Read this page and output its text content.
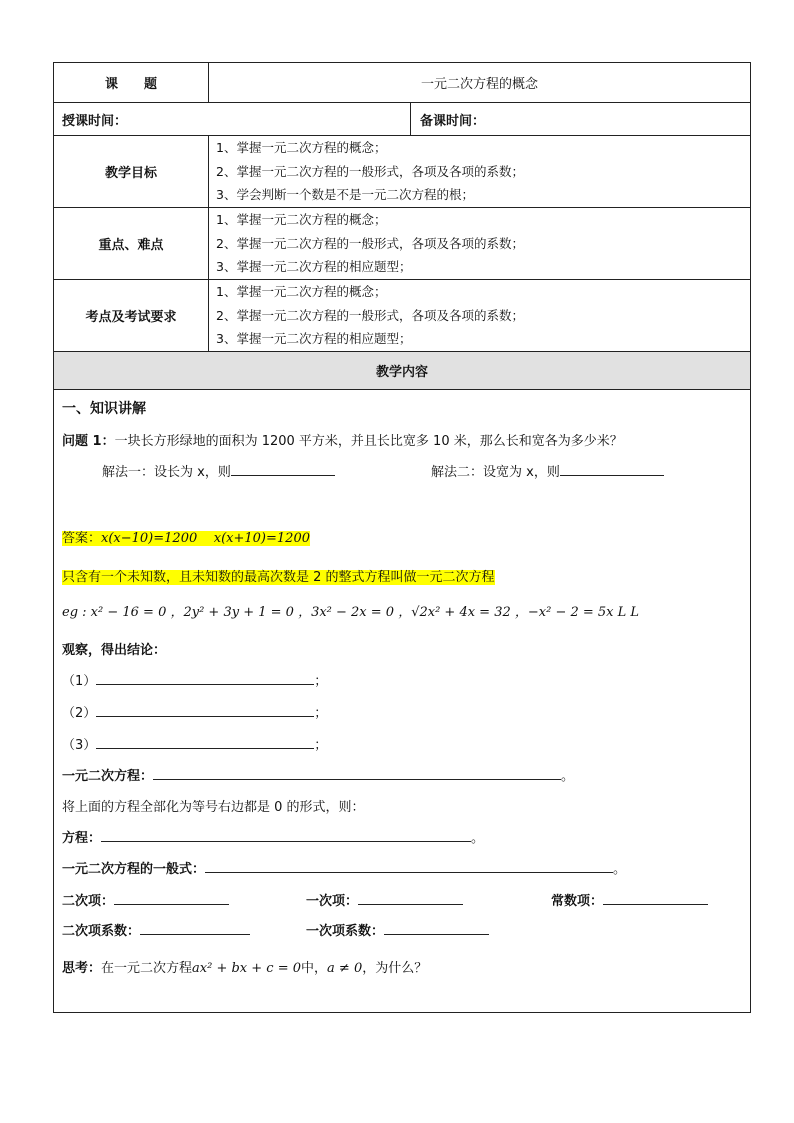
课　　题	一元二次方程的概念
授课时间：	备课时间：
教学目标
1、掌握一元二次方程的概念；
2、掌握一元二次方程的一般形式，各项及各项的系数；
3、学会判断一个数是不是一元二次方程的根；
重点、难点
1、掌握一元二次方程的概念；
2、掌握一元二次方程的一般形式，各项及各项的系数；
3、掌握一元二次方程的相应题型；
考点及考试要求
1、掌握一元二次方程的概念；
2、掌握一元二次方程的一般形式，各项及各项的系数；
3、掌握一元二次方程的相应题型；
教学内容
一、知识讲解
问题 1：一块长方形绿地的面积为 1200 平方米，并且长比宽多 10 米，那么长和宽各为多少米？
解法一：设长为 x，则	解法二：设宽为 x，则
答案：x(x−10)=1200 x(x+10)=1200
只含有一个未知数，且未知数的最高次数是 2 的整式方程叫做一元二次方程
eg : x² − 16 = 0 ，2y² + 3y + 1 = 0 ，3x² − 2x = 0 ，√2x² + 4x = 32 ，−x² − 2 = 5x L L
观察，得出结论：
（1）	；
（2）	；
（3）	；
一元二次方程：	。
将上面的方程全部化为等号右边都是 0 的形式，则：
方程：	。
一元二次方程的一般式：	。
二次项：	一次项：	常数项：
二次项系数：	一次项系数：
思考：在一元二次方程ax² + bx + c = 0中，a ≠ 0，为什么？
